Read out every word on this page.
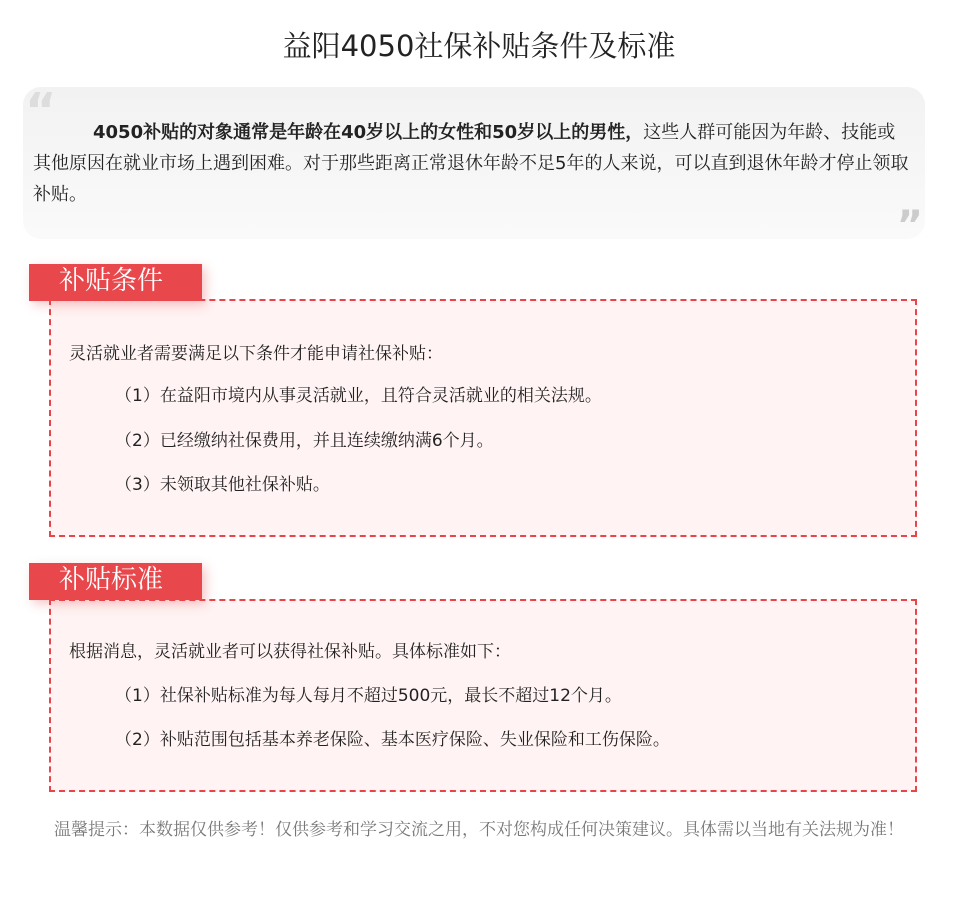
益阳4050社保补贴条件及标准
“	4050补贴的对象通常是年龄在40岁以上的女性和50岁以上的男性，这些人群可能因为年龄、技能或其他原因在就业市场上遇到困难。对于那些距离正常退休年龄不足5年的人来说，可以直到退休年龄才停止领取补贴。
”
灵活就业者需要满足以下条件才能申请社保补贴：
（1）在益阳市境内从事灵活就业，且符合灵活就业的相关法规。
（2）已经缴纳社保费用，并且连续缴纳满6个月。
（3）未领取其他社保补贴。
补贴条件
根据消息，灵活就业者可以获得社保补贴。具体标准如下：
（1）社保补贴标准为每人每月不超过500元，最长不超过12个月。
（2）补贴范围包括基本养老保险、基本医疗保险、失业保险和工伤保险。
补贴标准
温馨提示：本数据仅供参考！仅供参考和学习交流之用，不对您构成任何决策建议。具体需以当地有关法规为准！
